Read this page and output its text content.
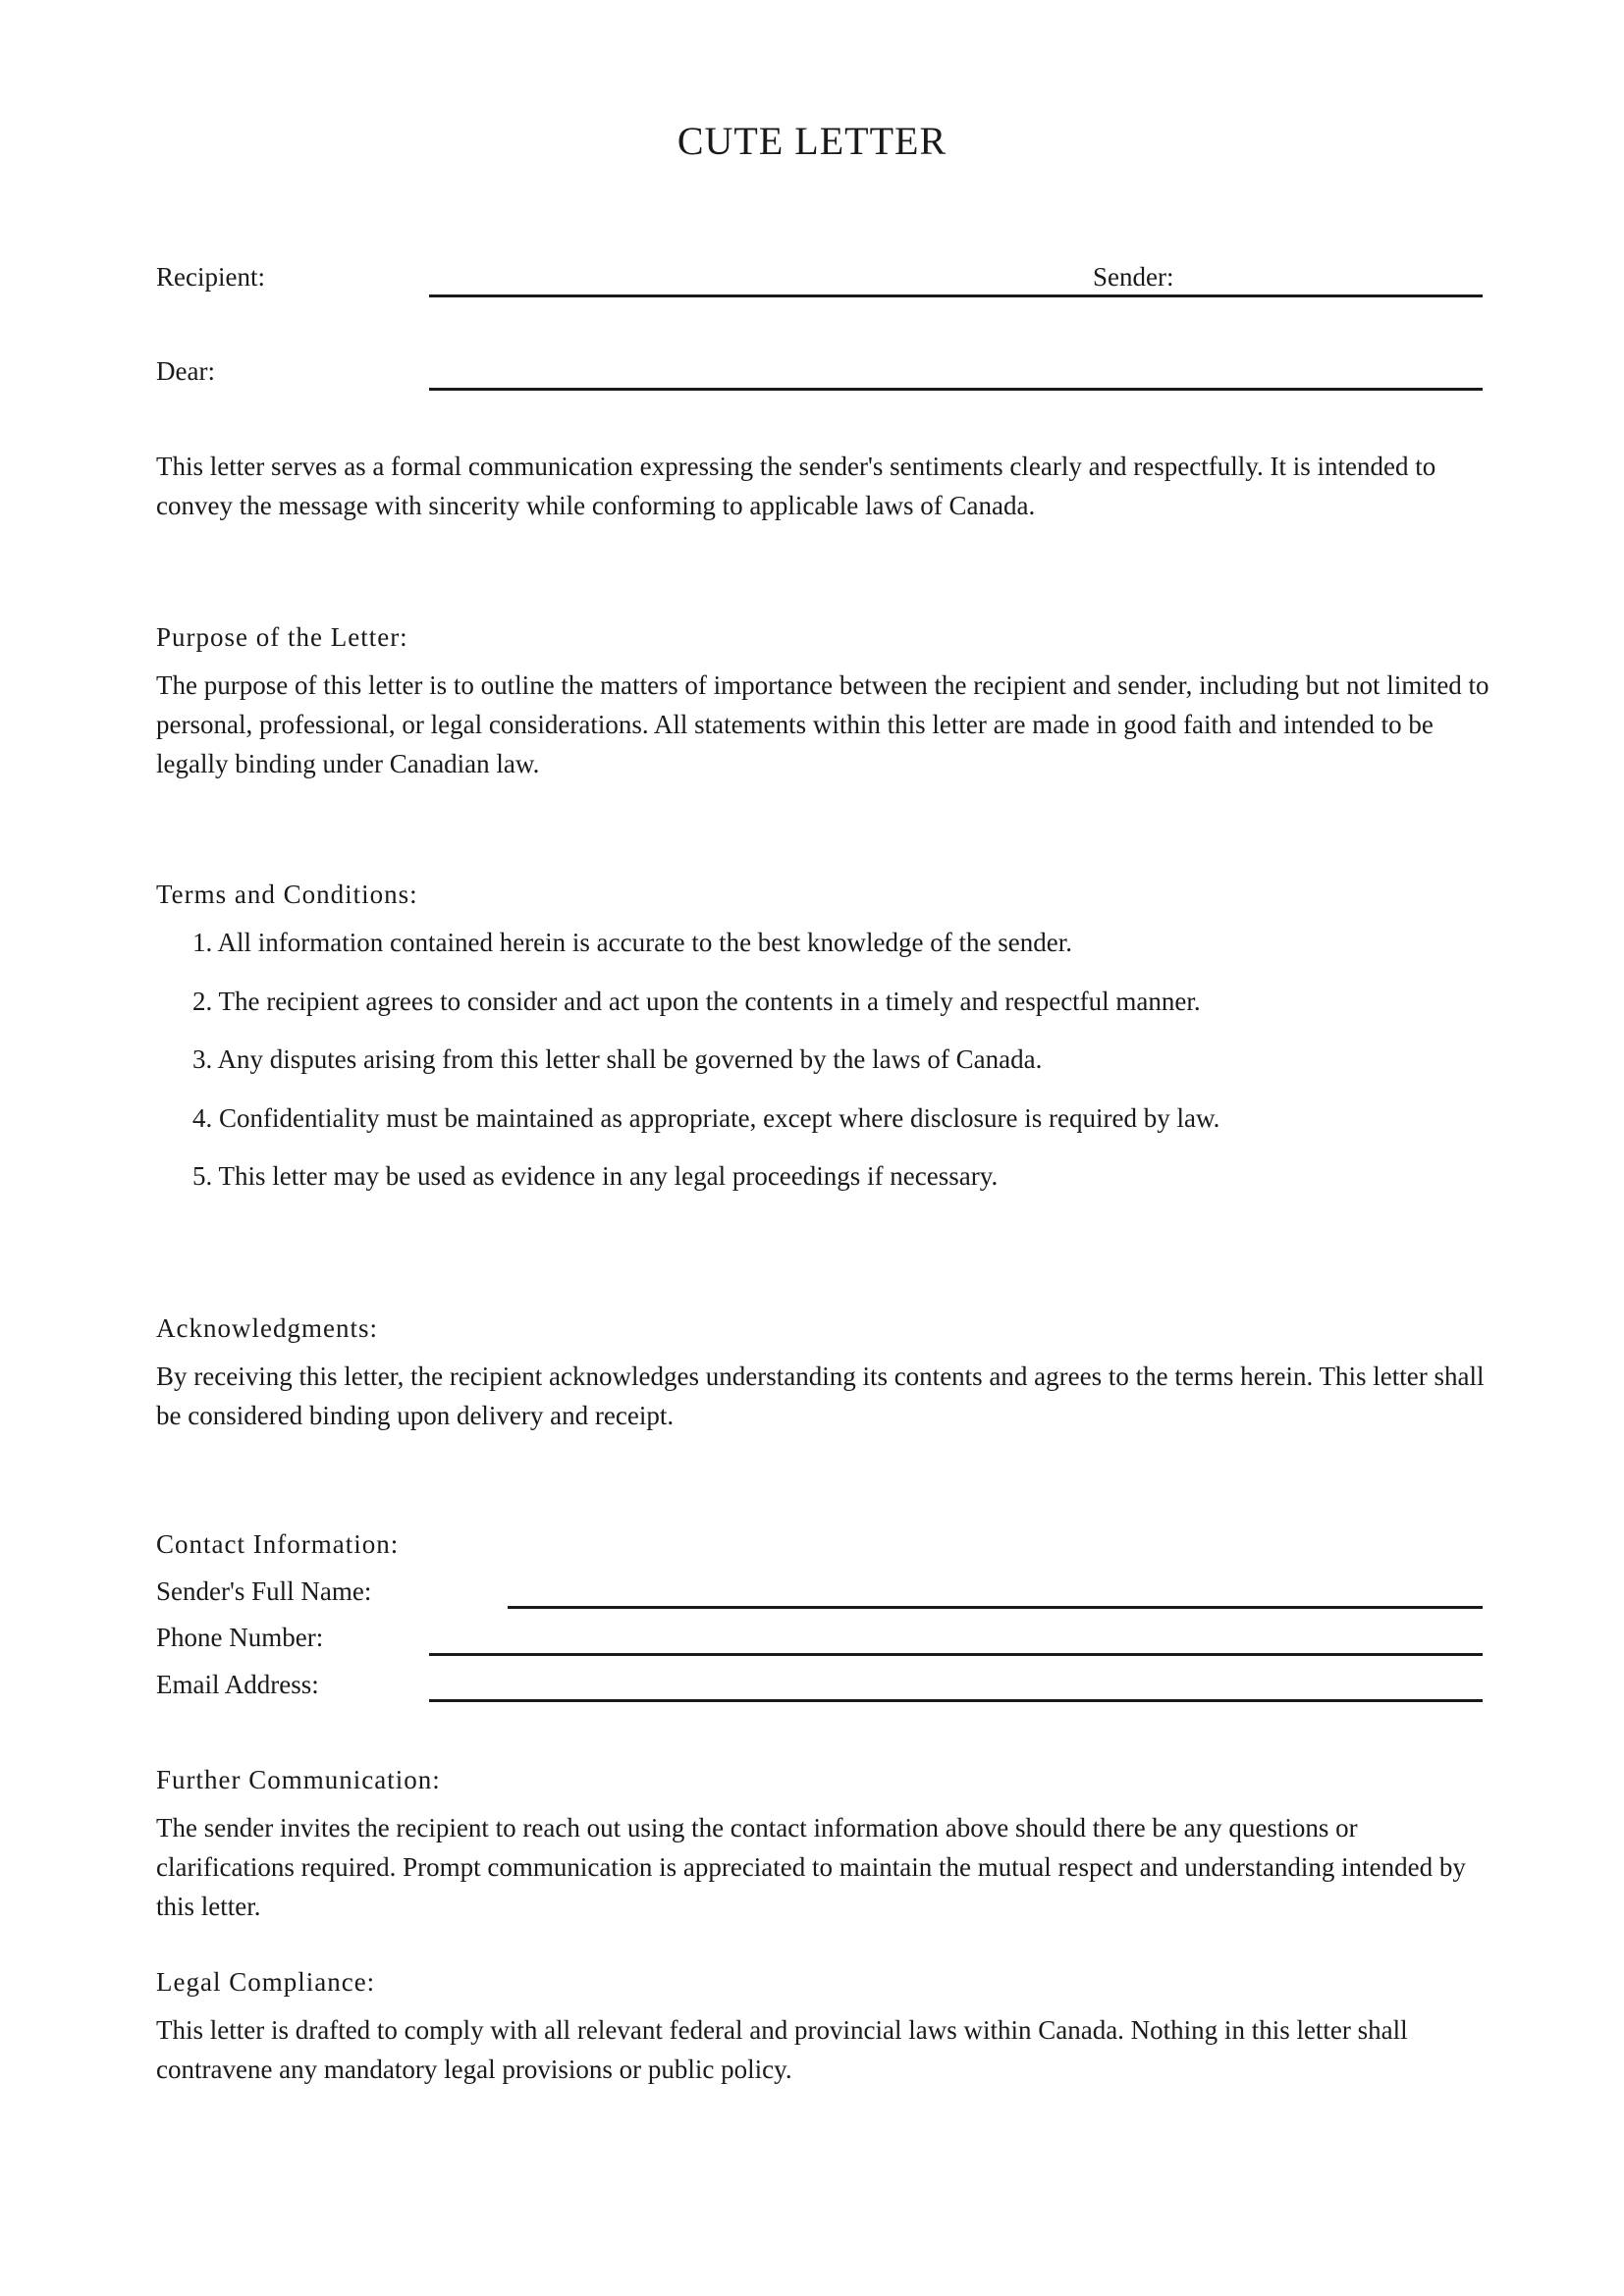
CUTE LETTER
Recipient:	Sender:
Dear:
This letter serves as a formal communication expressing the sender's sentiments clearly and respectfully. It is intended to convey the message with sincerity while conforming to applicable laws of Canada.
Purpose of the Letter:
The purpose of this letter is to outline the matters of importance between the recipient and sender, including but not limited to personal, professional, or legal considerations. All statements within this letter are made in good faith and intended to be legally binding under Canadian law.
Terms and Conditions:
1. All information contained herein is accurate to the best knowledge of the sender.
2. The recipient agrees to consider and act upon the contents in a timely and respectful manner.
3. Any disputes arising from this letter shall be governed by the laws of Canada.
4. Confidentiality must be maintained as appropriate, except where disclosure is required by law.
5. This letter may be used as evidence in any legal proceedings if necessary.
Acknowledgments:
By receiving this letter, the recipient acknowledges understanding its contents and agrees to the terms herein. This letter shall be considered binding upon delivery and receipt.
Contact Information:
Sender's Full Name:
Phone Number:
Email Address:
Further Communication:
The sender invites the recipient to reach out using the contact information above should there be any questions or clarifications required. Prompt communication is appreciated to maintain the mutual respect and understanding intended by this letter.
Legal Compliance:
This letter is drafted to comply with all relevant federal and provincial laws within Canada. Nothing in this letter shall contravene any mandatory legal provisions or public policy.
